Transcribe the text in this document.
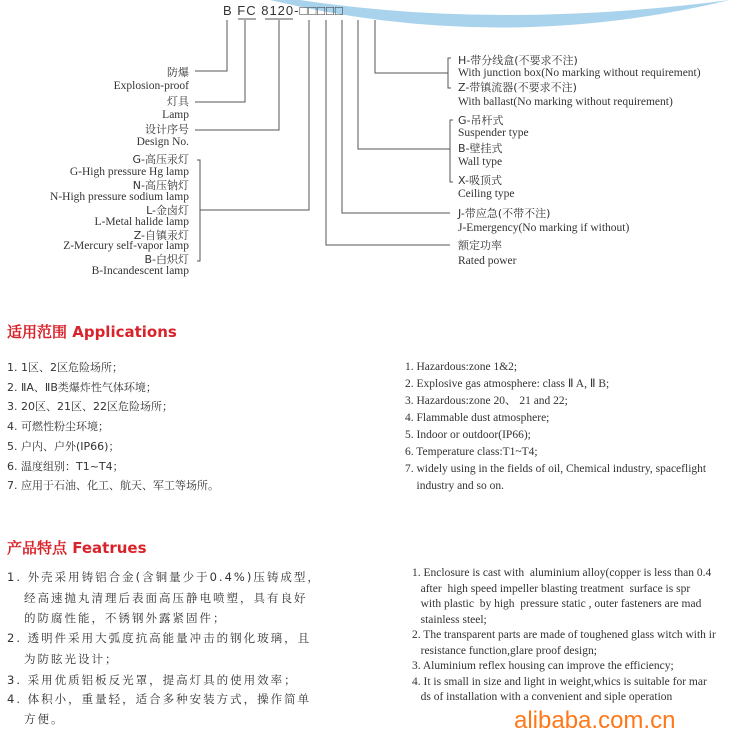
B FC 8120-□□□□□
防爆
Explosion-proof
灯具
Lamp
设计序号
Design No.
G-高压汞灯
G-High pressure Hg lamp
N-高压钠灯
N-High pressure sodium lamp
L-金卤灯
L-Metal halide lamp
Z-自镇汞灯
Z-Mercury self-vapor lamp
B-白炽灯
B-Incandescent lamp
H-带分线盒(不要求不注)
With junction box(No marking without requirement)
Z-带镇流器(不要求不注)
With ballast(No marking without requirement)
G-吊杆式
Suspender type
B-壁挂式
Wall type
X-吸顶式
Ceiling type
J-带应急(不带不注)
J-Emergency(No marking if without)
额定功率
Rated power
适用范围 Applications
1. 1区、2区危险场所；
2. ⅡA、ⅡB类爆炸性气体环境；
3. 20区、21区、22区危险场所；
4. 可燃性粉尘环境；
5. 户内、户外(IP66)；
6. 温度组别：T1~T4；
7. 应用于石油、化工、航天、军工等场所。
1. Hazardous:zone 1&2;
2. Explosive gas atmosphere: class Ⅱ A, Ⅱ B;
3. Hazardous:zone 20、 21 and 22;
4. Flammable dust atmosphere;
5. Indoor or outdoor(IP66);
6. Temperature class:T1~T4;
7. widely using in the fields of oil, Chemical industry, spaceflight
industry and so on.
产品特点 Featrues
1. 外壳采用铸铝合金(含铜量少于0.4%)压铸成型，
经高速抛丸清理后表面高压静电喷塑，具有良好
的防腐性能，不锈钢外露紧固件；
2. 透明件采用大弧度抗高能量冲击的钢化玻璃，且
为防眩光设计；
3. 采用优质铝板反光罩，提高灯具的使用效率；
4. 体积小，重量轻，适合多种安装方式，操作简单
方便。
1. Enclosure is cast with  aluminium alloy(copper is less than 0.4
after  high speed impeller blasting treatment  surface is spr
with plastic  by high  pressure static , outer fasteners are mad
stainless steel;
2. The transparent parts are made of toughened glass witch with ir
resistance function,glare proof design;
3. Aluminium reflex housing can improve the efficiency;
4. It is small in size and light in weight,whics is suitable for mar
ds of installation with a convenient and siple operation
alibaba.com.cn
